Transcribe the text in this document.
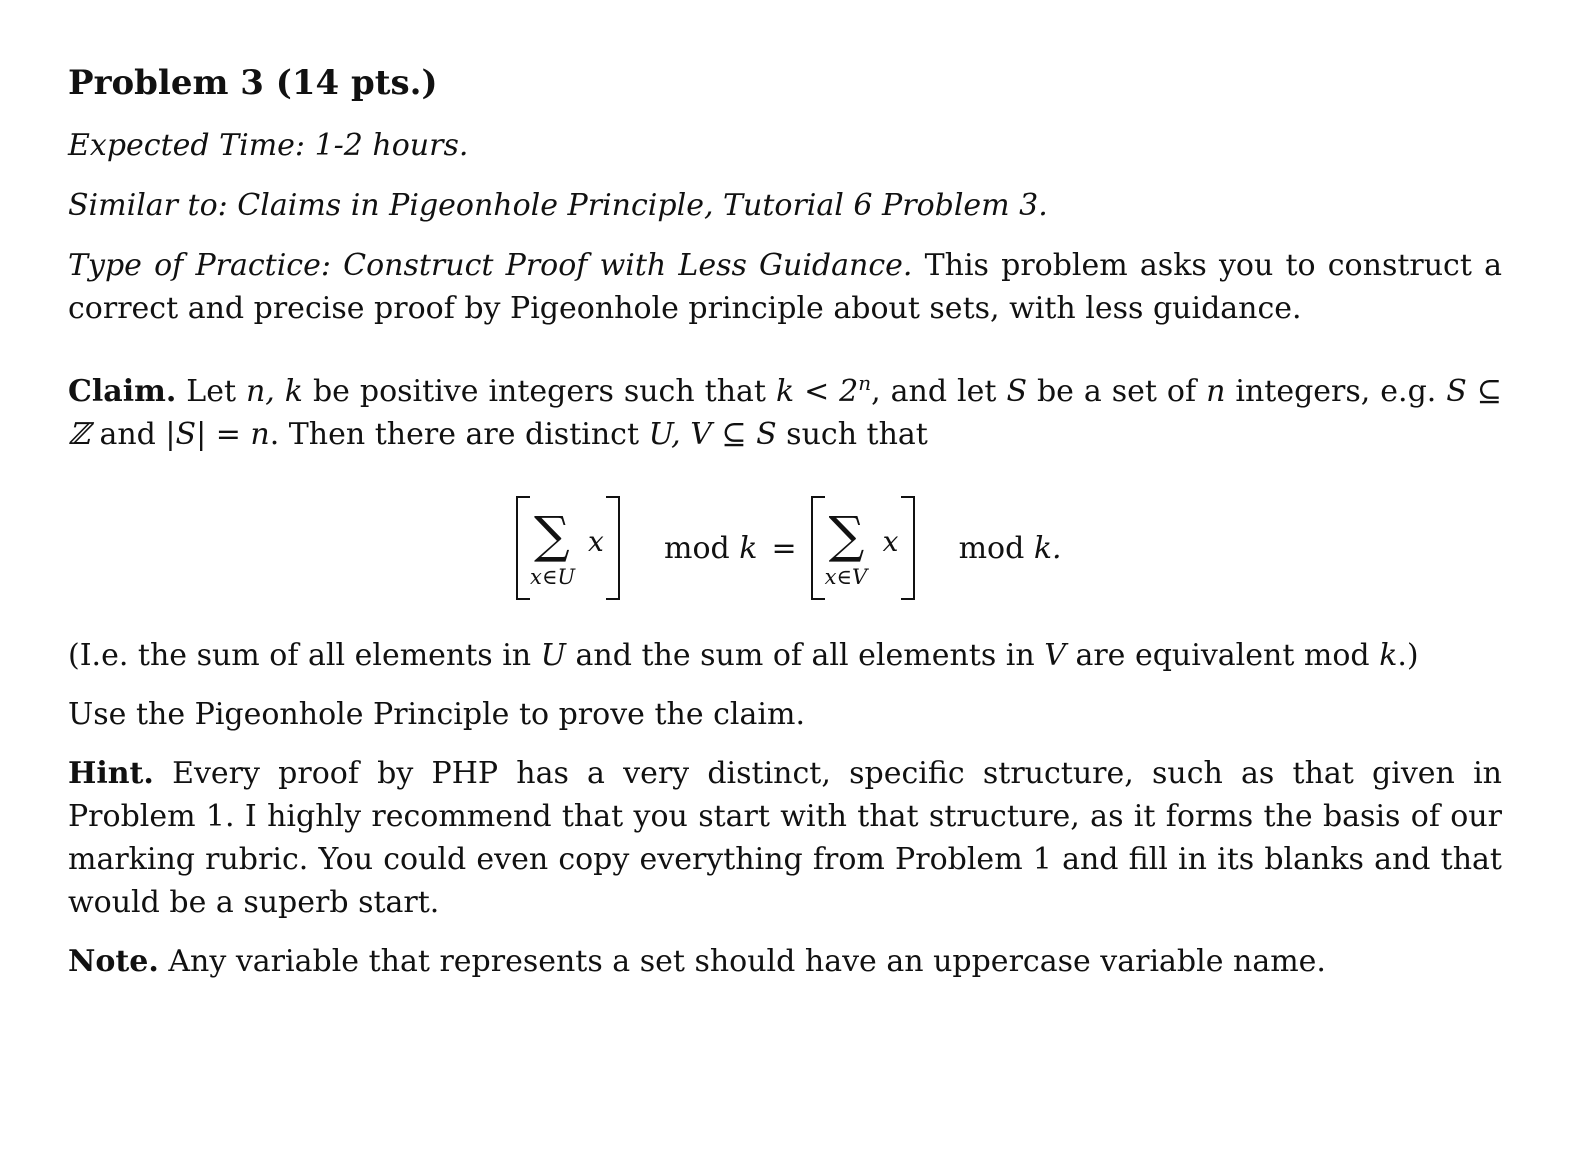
Problem 3 (14 pts.)

Expected Time: 1-2 hours.

Similar to: Claims in Pigeonhole Principle, Tutorial 6 Problem 3.

Type of Practice: Construct Proof with Less Guidance. This problem asks you to construct a correct and precise proof by Pigeonhole principle about sets, with less guidance.

Claim. Let n, k be positive integers such that $k < 2^n$, and let S be a set of n integers, e.g. S ⊆ ℤ and |S| = n. Then there are distinct U, V ⊆ S such that

∑ x
x∈U
mod k = ∑ x
x∈V
mod k.

(I.e. the sum of all elements in U and the sum of all elements in V are equivalent mod k.)

Use the Pigeonhole Principle to prove the claim.

Hint. Every proof by PHP has a very distinct, specific structure, such as that given in Problem 1. I highly recommend that you start with that structure, as it forms the basis of our marking rubric. You could even copy everything from Problem 1 and fill in its blanks and that would be a superb start.

Note. Any variable that represents a set should have an uppercase variable name.
